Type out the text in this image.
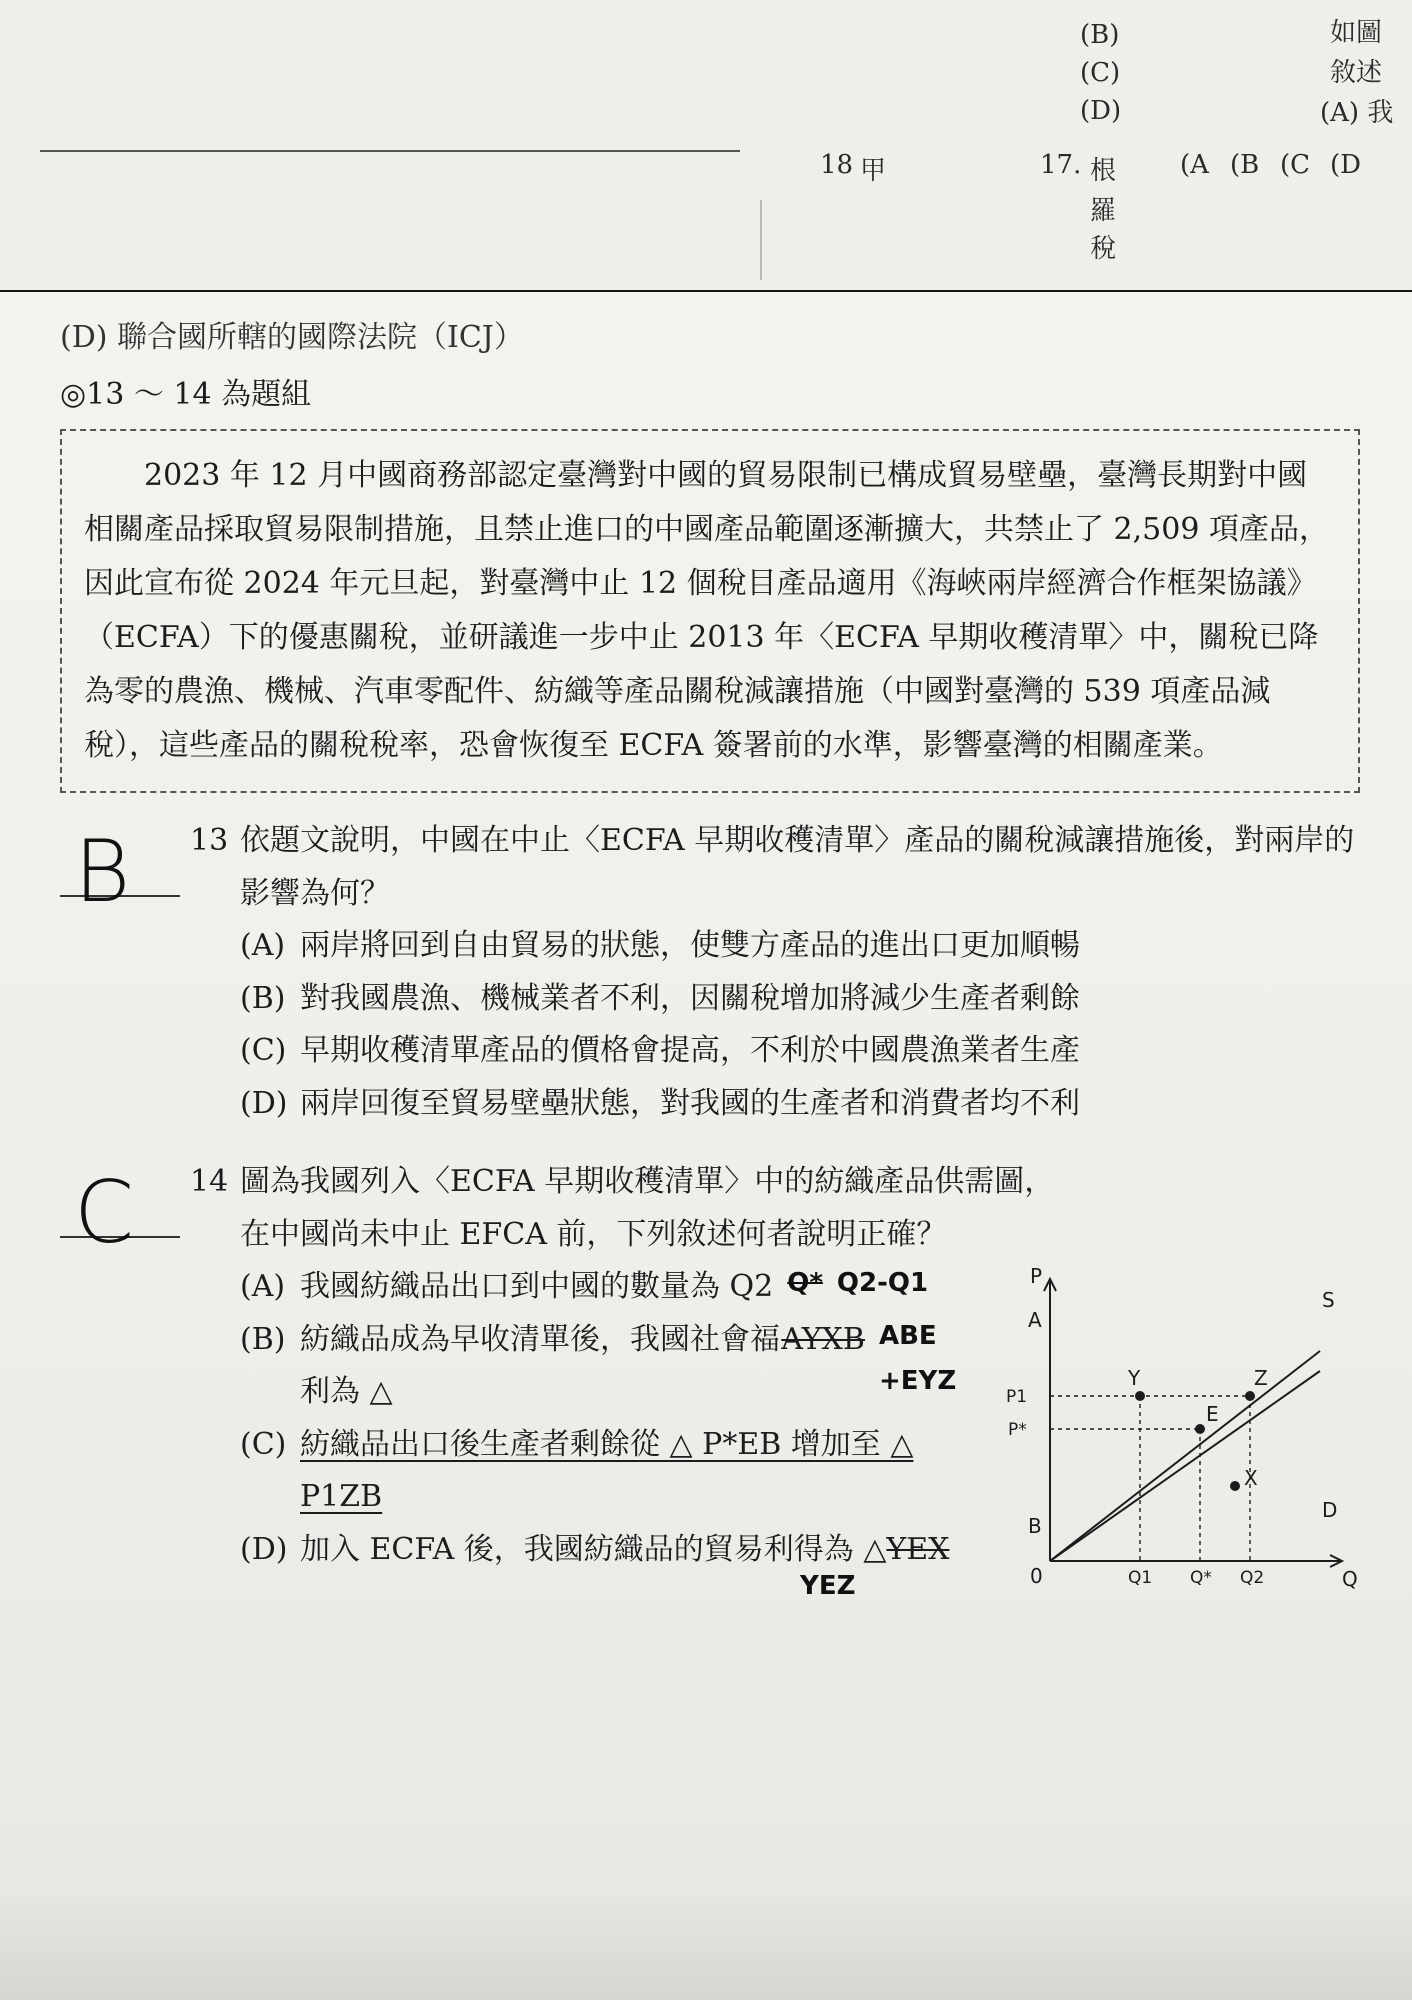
如圖
敘述
(A) 我
(B)
(C)
(D)
17. 根
羅
稅
(A (B (C (D
18 甲
(D) 聯合國所轄的國際法院（ICJ）
◎13 ～ 14 為題組
2023 年 12 月中國商務部認定臺灣對中國的貿易限制已構成貿易壁壘，臺灣長期對中國相關產品採取貿易限制措施，且禁止進口的中國產品範圍逐漸擴大，共禁止了 2,509 項產品，因此宣布從 2024 年元旦起，對臺灣中止 12 個稅目產品適用《海峽兩岸經濟合作框架協議》（ECFA）下的優惠關稅，並研議進一步中止 2013 年〈ECFA 早期收穫清單〉中，關稅已降為零的農漁、機械、汽車零配件、紡織等產品關稅減讓措施（中國對臺灣的 539 項產品減稅），這些產品的關稅稅率，恐會恢復至 ECFA 簽署前的水準，影響臺灣的相關產業。
B 13 依題文說明，中國在中止〈ECFA 早期收穫清單〉產品的關稅減讓措施後，對兩岸的影響為何？
(A) 兩岸將回到自由貿易的狀態，使雙方產品的進出口更加順暢
(B) 對我國農漁、機械業者不利，因關稅增加將減少生產者剩餘
(C) 早期收穫清單產品的價格會提高，不利於中國農漁業者生產
(D) 兩岸回復至貿易壁壘狀態，對我國的生產者和消費者均不利
C 14 圖為我國列入〈ECFA 早期收穫清單〉中的紡織產品供需圖，
在中國尚未中止 EFCA 前，下列敘述何者說明正確？
(A) 我國紡織品出口到中國的數量為 Q2 Q* Q2-Q1
(B) 紡織品成為早收清單後，我國社會福利為 △
AYXB ABE +EYZ
(C) 紡織品出口後生產者剩餘從 △ P*EB 增加至 △ P1ZB
(D) 加入 ECFA 後，我國紡織品的貿易利得為 △ YEX
YEZ
P
Q
0
A
B
S
D
Z
Y
E
X
P1
P*
Q1 Q* Q2
